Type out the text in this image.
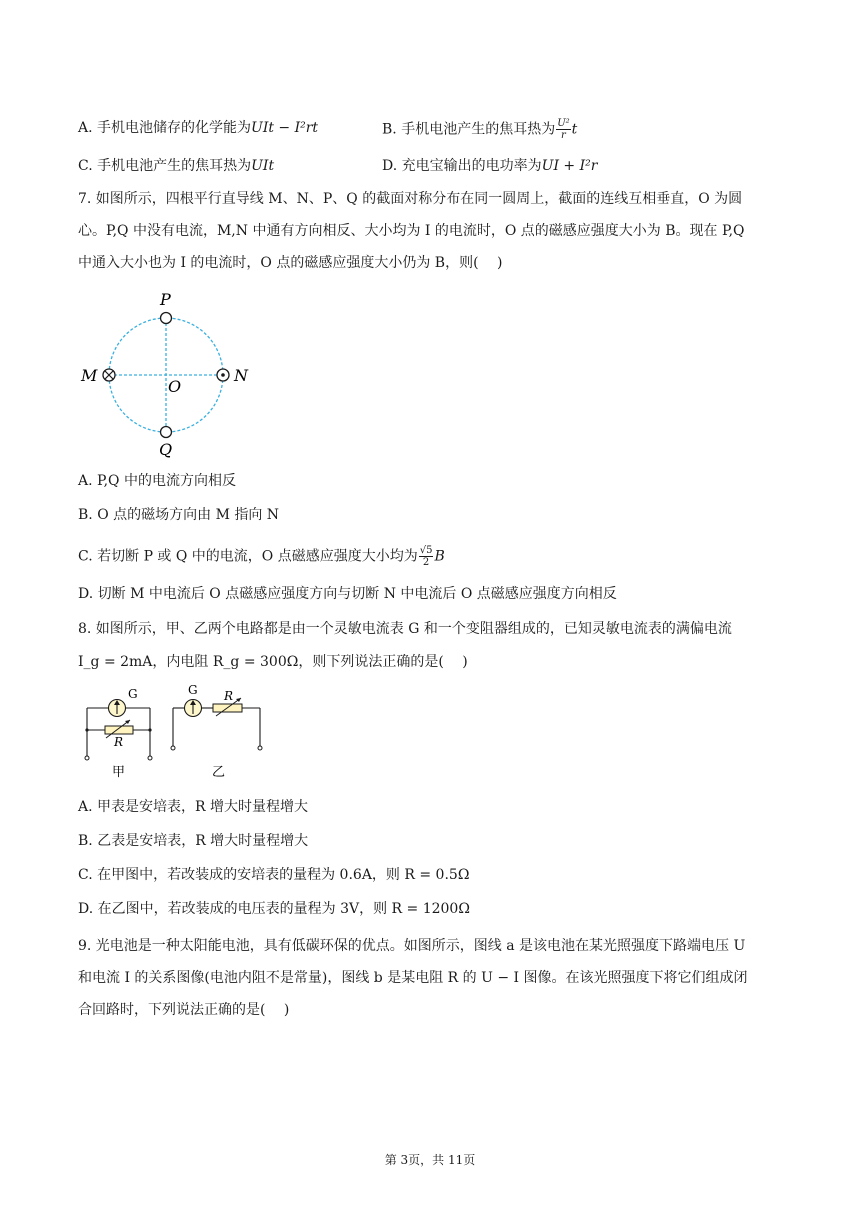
A. 手机电池储存的化学能为UIt − I²rt	B. 手机电池产生的焦耳热为 $\frac{\text{U²}}{r}$ t
C. 手机电池产生的焦耳热为UIt	D. 充电宝输出的电功率为UI + I²r
7. 如图所示，四根平行直导线 M、N、P、Q 的截面对称分布在同一圆周上，截面的连线互相垂直，O 为圆
心。P,Q 中没有电流，M,N 中通有方向相反、大小均为 I 的电流时，O 点的磁感应强度大小为 B。现在 P,Q
中通入大小也为 I 的电流时，O 点的磁感应强度大小仍为 B，则(　 )
P
Q
M	N
O
A. P,Q 中的电流方向相反
B. O 点的磁场方向由 M 指向 N
C. 若切断 P 或 Q 中的电流，O 点磁感应强度大小均为 $\frac{√5}{2}$ B
D. 切断 M 中电流后 O 点磁感应强度方向与切断 N 中电流后 O 点磁感应强度方向相反
8. 如图所示，甲、乙两个电路都是由一个灵敏电流表 G 和一个变阻器组成的，已知灵敏电流表的满偏电流
I_g = 2mA，内电阻 R_g = 300Ω，则下列说法正确的是(　 )
G
R
甲
G R
乙
A. 甲表是安培表，R 增大时量程增大
B. 乙表是安培表，R 增大时量程增大
C. 在甲图中，若改装成的安培表的量程为 0.6A，则 R = 0.5Ω
D. 在乙图中，若改装成的电压表的量程为 3V，则 R = 1200Ω
9. 光电池是一种太阳能电池，具有低碳环保的优点。如图所示，图线 a 是该电池在某光照强度下路端电压 U
和电流 I 的关系图像(电池内阻不是常量)，图线 b 是某电阻 R 的 U − I 图像。在该光照强度下将它们组成闭
合回路时，下列说法正确的是(　 )
第 3页，共 11页
